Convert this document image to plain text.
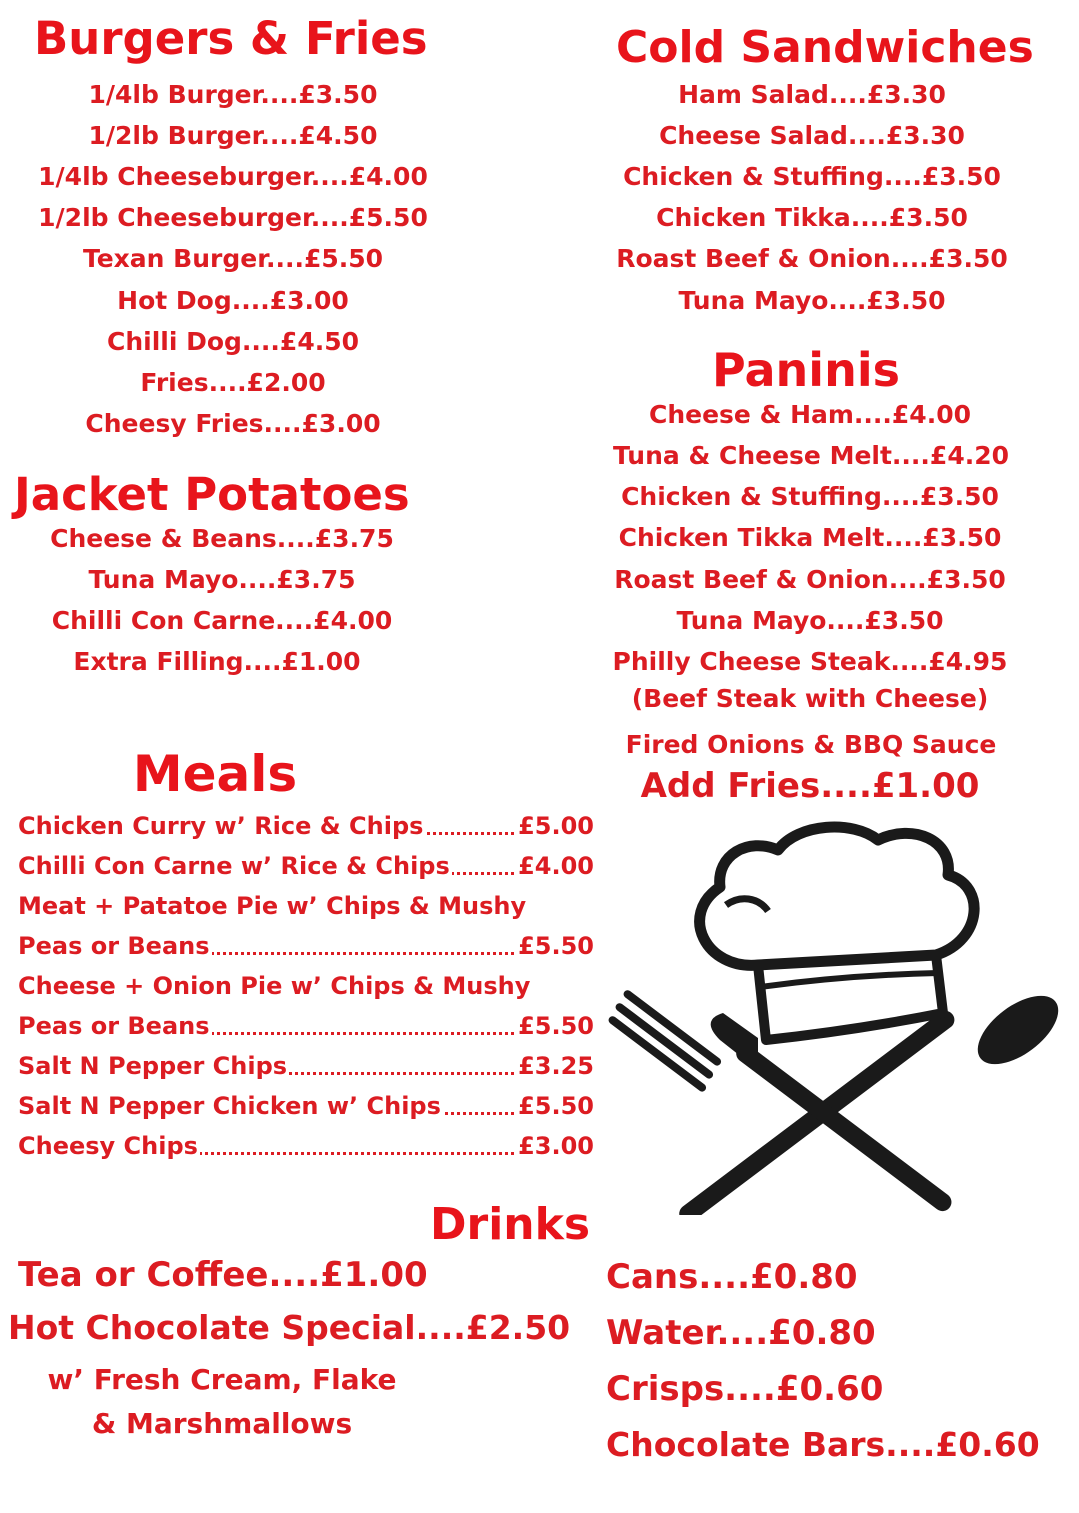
Burgers & Fries
1/4lb Burger....£3.50
1/2lb Burger....£4.50
1/4lb Cheeseburger....£4.00
1/2lb Cheeseburger....£5.50
Texan Burger....£5.50
Hot Dog....£3.00
Chilli Dog....£4.50
Fries....£2.00
Cheesy Fries....£3.00
Jacket Potatoes
Cheese & Beans....£3.75
Tuna Mayo....£3.75
Chilli Con Carne....£4.00
Extra Filling....£1.00
Cold Sandwiches
Ham Salad....£3.30
Cheese Salad....£3.30
Chicken & Stuffing....£3.50
Chicken Tikka....£3.50
Roast Beef & Onion....£3.50
Tuna Mayo....£3.50
Paninis
Cheese & Ham....£4.00
Tuna & Cheese Melt....£4.20
Chicken & Stuffing....£3.50
Chicken Tikka Melt....£3.50
Roast Beef & Onion....£3.50
Tuna Mayo....£3.50
Philly Cheese Steak....£4.95
(Beef Steak with Cheese)
Fired Onions & BBQ Sauce
Add Fries....£1.00
Meals
Chicken Curry w’ Rice & Chips	£5.00
Chilli Con Carne w’ Rice & Chips	£4.00
Meat + Patatoe Pie w’ Chips & Mushy
Peas or Beans	£5.50
Cheese + Onion Pie w’ Chips & Mushy
Peas or Beans	£5.50
Salt N Pepper Chips	£3.25
Salt N Pepper Chicken w’ Chips	£5.50
Cheesy Chips	£3.00
Drinks
Tea or Coffee....£1.00
Hot Chocolate Special....£2.50
w’ Fresh Cream, Flake
& Marshmallows
Cans....£0.80
Water....£0.80
Crisps....£0.60
Chocolate Bars....£0.60
